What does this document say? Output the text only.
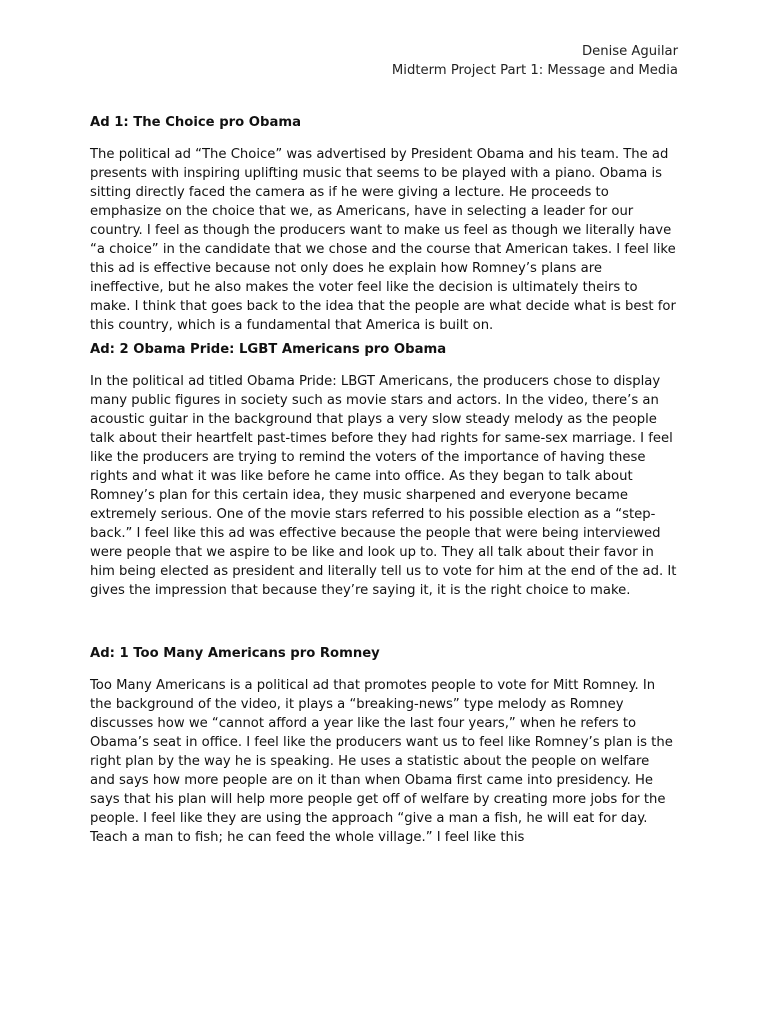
Denise Aguilar
Midterm Project Part 1: Message and Media

Ad 1: The Choice pro Obama

The political ad “The Choice” was advertised by President Obama and his team. The ad presents with inspiring uplifting music that seems to be played with a piano. Obama is sitting directly faced the camera as if he were giving a lecture. He proceeds to emphasize on the choice that we, as Americans, have in selecting a leader for our country. I feel as though the producers want to make us feel as though we literally have “a choice” in the candidate that we chose and the course that American takes. I feel like this ad is effective because not only does he explain how Romney’s plans are ineffective, but he also makes the voter feel like the decision is ultimately theirs to make. I think that goes back to the idea that the people are what decide what is best for this country, which is a fundamental that America is built on.

Ad: 2 Obama Pride: LGBT Americans pro Obama

In the political ad titled Obama Pride: LBGT Americans, the producers chose to display many public figures in society such as movie stars and actors. In the video, there’s an acoustic guitar in the background that plays a very slow steady melody as the people talk about their heartfelt past-times before they had rights for same-sex marriage. I feel like the producers are trying to remind the voters of the importance of having these rights and what it was like before he came into office. As they began to talk about Romney’s plan for this certain idea, they music sharpened and everyone became extremely serious. One of the movie stars referred to his possible election as a “step-back.” I feel like this ad was effective because the people that were being interviewed were people that we aspire to be like and look up to. They all talk about their favor in him being elected as president and literally tell us to vote for him at the end of the ad. It gives the impression that because they’re saying it, it is the right choice to make.

Ad: 1 Too Many Americans pro Romney

Too Many Americans is a political ad that promotes people to vote for Mitt Romney. In the background of the video, it plays a “breaking-news” type melody as Romney discusses how we “cannot afford a year like the last four years,” when he refers to Obama’s seat in office. I feel like the producers want us to feel like Romney’s plan is the right plan by the way he is speaking. He uses a statistic about the people on welfare and says how more people are on it than when Obama first came into presidency. He says that his plan will help more people get off of welfare by creating more jobs for the people. I feel like they are using the approach “give a man a fish, he will eat for day. Teach a man to fish; he can feed the whole village.” I feel like this
